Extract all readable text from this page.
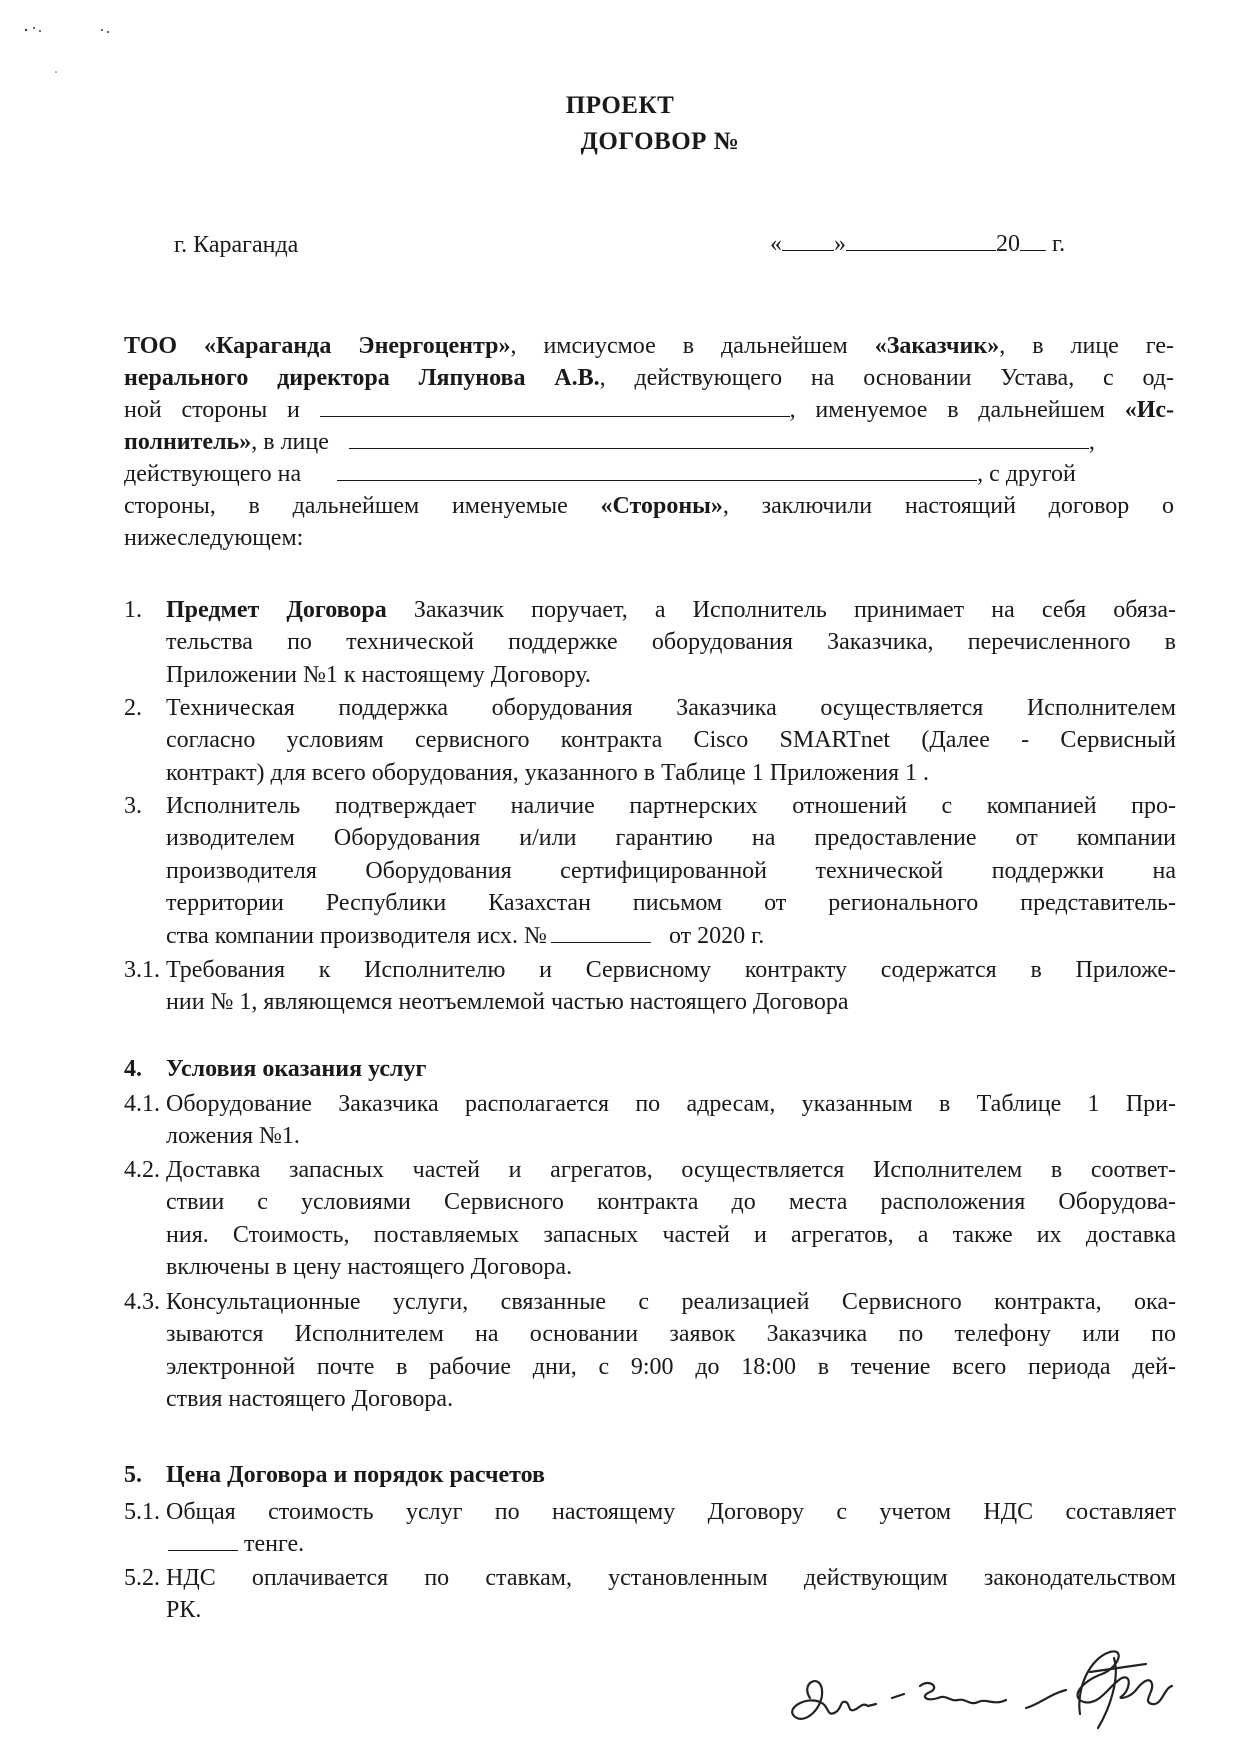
ПРОЕКТ
ДОГОВОР №
г. Караганда	« »	20 г.
ТОО «Караганда Энергоцентр», имсиусмое в дальнейшем «Заказчик», в лице ге-
нерального директора Ляпунова А.В., действующего на основании Устава, с од-
ной стороны и	, именуемое в дальнейшем «Ис-
полнитель», в лице	,
действующего на	, с другой
стороны, в дальнейшем именуемые «Стороны», заключили настоящий договор о
нижеследующем:
1. Предмет Договора Заказчик поручает, а Исполнитель принимает на себя обяза-
тельства по технической поддержке оборудования Заказчика, перечисленного в
Приложении №1 к настоящему Договору.
2. Техническая поддержка оборудования Заказчика осуществляется Исполнителем
согласно условиям сервисного контракта Cisco SMARTnet (Далее - Сервисный
контракт) для всего оборудования, указанного в Таблице 1 Приложения 1 .
3. Исполнитель подтверждает наличие партнерских отношений с компанией про-
изводителем Оборудования и/или гарантию на предоставление от компании
производителя Оборудования сертифицированной технической поддержки на
территории Республики Казахстан письмом от регионального представитель-
ства компании производителя исх. №	от 2020 г.
3.1. Требования к Исполнителю и Сервисному контракту содержатся в Приложе-
нии № 1, являющемся неотъемлемой частью настоящего Договора
4. Условия оказания услуг
4.1. Оборудование Заказчика располагается по адресам, указанным в Таблице 1 При-
ложения №1.
4.2. Доставка запасных частей и агрегатов, осуществляется Исполнителем в соответ-
ствии с условиями Сервисного контракта до места расположения Оборудова-
ния. Стоимость, поставляемых запасных частей и агрегатов, а также их доставка
включены в цену настоящего Договора.
4.3. Консультационные услуги, связанные с реализацией Сервисного контракта, ока-
зываются Исполнителем на основании заявок Заказчика по телефону или по
электронной почте в рабочие дни, с 9:00 до 18:00 в течение всего периода дей-
ствия настоящего Договора.
5. Цена Договора и порядок расчетов
5.1. Общая стоимость услуг по настоящему Договору с учетом НДС составляет
тенге.
5.2. НДС оплачивается по ставкам, установленным действующим законодательством
РК.
